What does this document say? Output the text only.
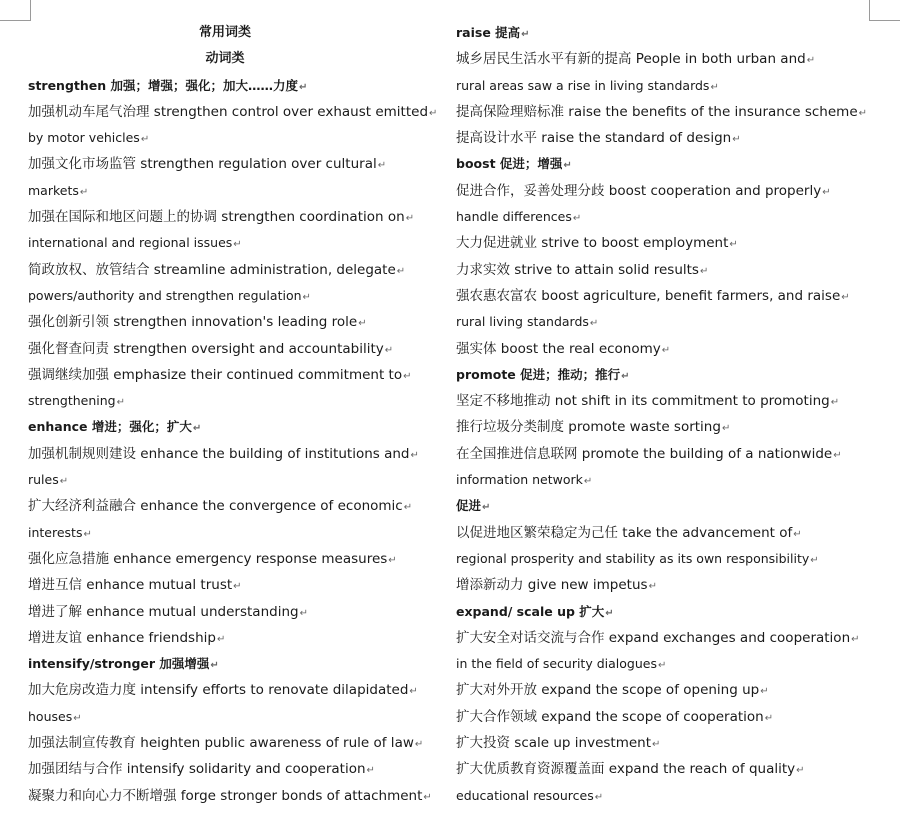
常用词类
动词类
strengthen 加强；增强；强化；加大……力度↵
加强机动车尾气治理 strengthen control over exhaust emitted↵
by motor vehicles↵
加强文化市场监管 strengthen regulation over cultural↵
markets↵
加强在国际和地区问题上的协调 strengthen coordination on↵
international and regional issues↵
简政放权、放管结合 streamline administration, delegate↵
powers/authority and strengthen regulation↵
强化创新引领 strengthen innovation's leading role↵
强化督查问责 strengthen oversight and accountability↵
强调继续加强 emphasize their continued commitment to↵
strengthening↵
enhance 增进；强化；扩大↵
加强机制规则建设 enhance the building of institutions and↵
rules↵
扩大经济利益融合 enhance the convergence of economic↵
interests↵
强化应急措施 enhance emergency response measures↵
增进互信 enhance mutual trust↵
增进了解 enhance mutual understanding↵
增进友谊 enhance friendship↵
intensify/stronger 加强增强↵
加大危房改造力度 intensify efforts to renovate dilapidated↵
houses↵
加强法制宣传教育 heighten public awareness of rule of law↵
加强团结与合作 intensify solidarity and cooperation↵
凝聚力和向心力不断增强 forge stronger bonds of attachment↵
raise 提高↵
城乡居民生活水平有新的提高 People in both urban and↵
rural areas saw a rise in living standards↵
提高保险理赔标准 raise the benefits of the insurance scheme↵
提高设计水平 raise the standard of design↵
boost 促进；增强↵
促进合作，妥善处理分歧 boost cooperation and properly↵
handle differences↵
大力促进就业 strive to boost employment↵
力求实效 strive to attain solid results↵
强农惠农富农 boost agriculture, benefit farmers, and raise↵
rural living standards↵
强实体 boost the real economy↵
promote 促进；推动；推行↵
坚定不移地推动 not shift in its commitment to promoting↵
推行垃圾分类制度 promote waste sorting↵
在全国推进信息联网 promote the building of a nationwide↵
information network↵
促进↵
以促进地区繁荣稳定为己任 take the advancement of↵
regional prosperity and stability as its own responsibility↵
增添新动力 give new impetus↵
expand/ scale up 扩大↵
扩大安全对话交流与合作 expand exchanges and cooperation↵
in the field of security dialogues↵
扩大对外开放 expand the scope of opening up↵
扩大合作领域 expand the scope of cooperation↵
扩大投资 scale up investment↵
扩大优质教育资源覆盖面 expand the reach of quality↵
educational resources↵
